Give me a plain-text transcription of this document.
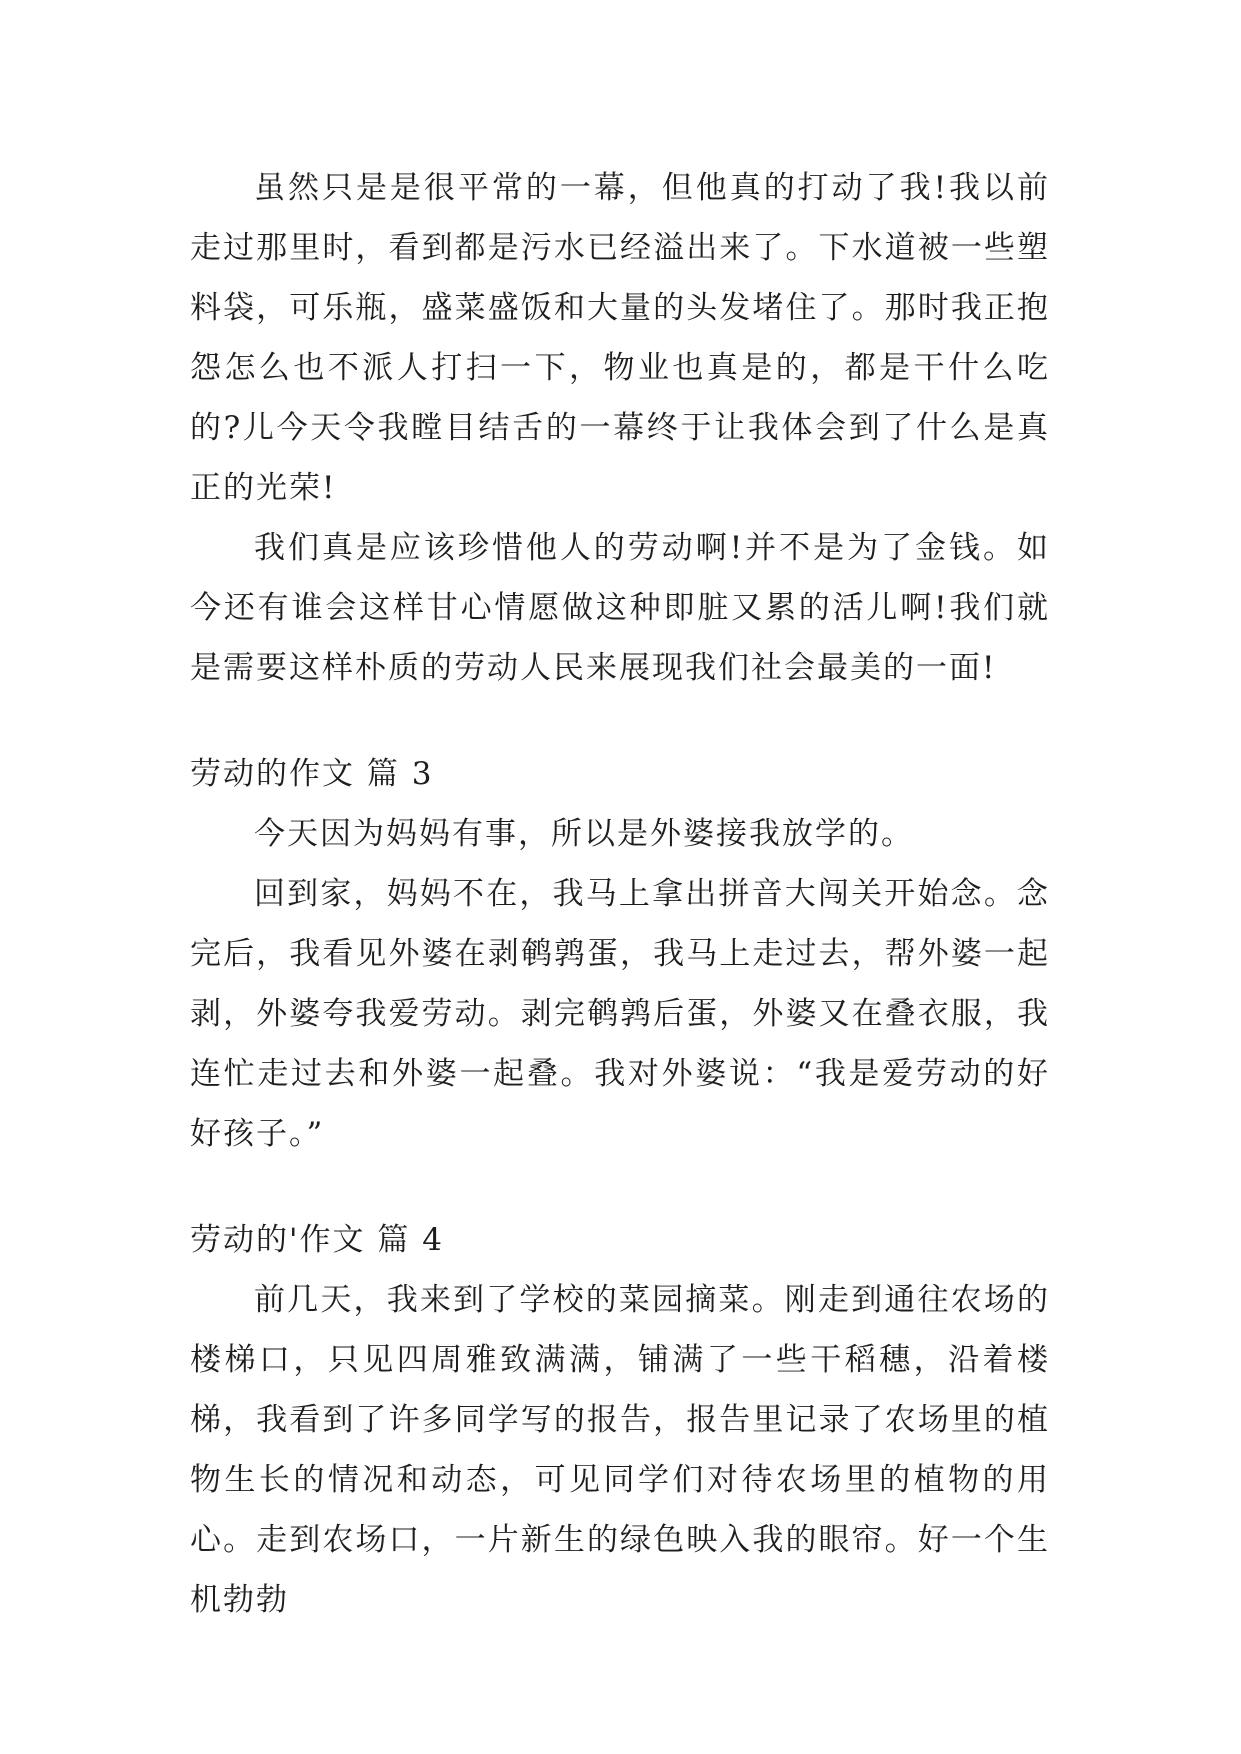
虽然只是是很平常的一幕，但他真的打动了我!我以前走过那里时，看到都是污水已经溢出来了。下水道被一些塑料袋，可乐瓶，盛菜盛饭和大量的头发堵住了。那时我正抱怨怎么也不派人打扫一下，物业也真是的，都是干什么吃的?儿今天令我瞠目结舌的一幕终于让我体会到了什么是真正的光荣!

我们真是应该珍惜他人的劳动啊!并不是为了金钱。如今还有谁会这样甘心情愿做这种即脏又累的活儿啊!我们就是需要这样朴质的劳动人民来展现我们社会最美的一面!

劳动的作文 篇 3

今天因为妈妈有事，所以是外婆接我放学的。

回到家，妈妈不在，我马上拿出拼音大闯关开始念。念完后，我看见外婆在剥鹌鹑蛋，我马上走过去，帮外婆一起剥，外婆夸我爱劳动。剥完鹌鹑后蛋，外婆又在叠衣服，我连忙走过去和外婆一起叠。我对外婆说：“我是爱劳动的好好孩子。”

劳动的'作文 篇 4

前几天，我来到了学校的菜园摘菜。刚走到通往农场的楼梯口，只见四周雅致满满，铺满了一些干稻穗，沿着楼梯，我看到了许多同学写的报告，报告里记录了农场里的植物生长的情况和动态，可见同学们对待农场里的植物的用心。走到农场口，一片新生的绿色映入我的眼帘。好一个生机勃勃
